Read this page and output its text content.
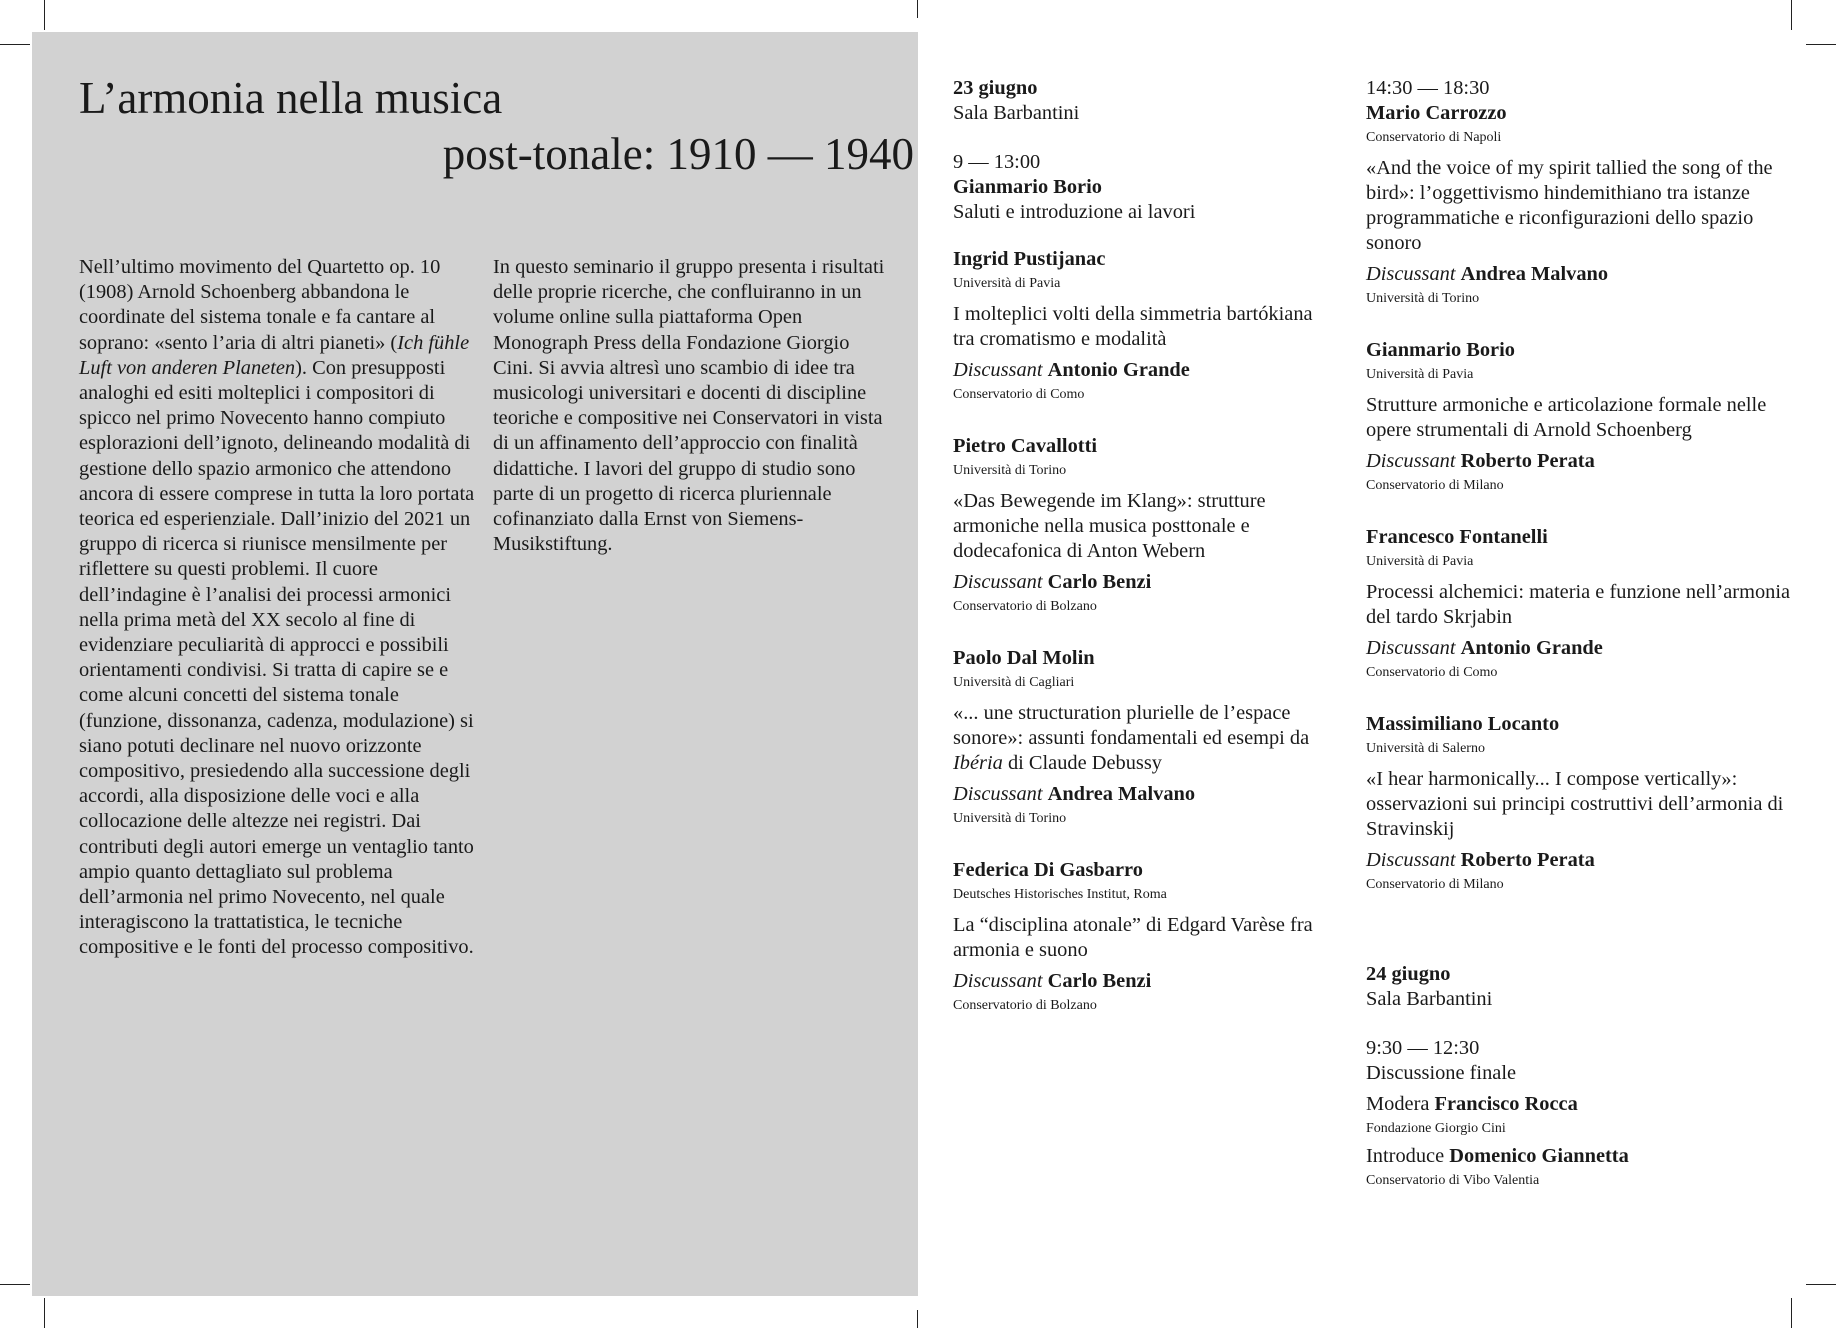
L’armonia nella musica
post-tonale: 1910 — 1940

Nell’ultimo movimento del Quartetto op. 10 (1908) Arnold Schoenberg abbandona le coordinate del sistema tonale e fa cantare al soprano: «sento l’aria di altri pianeti» (Ich fühle Luft von anderen Planeten). Con presupposti analoghi ed esiti molteplici i compositori di spicco nel primo Novecento hanno compiuto esplorazioni dell’ignoto, delineando modalità di gestione dello spazio armonico che attendono ancora di essere comprese in tutta la loro portata teorica ed esperienziale. Dall’inizio del 2021 un gruppo di ricerca si riunisce mensilmente per riflettere su questi problemi. Il cuore dell’indagine è l’analisi dei processi armonici nella prima metà del XX secolo al fine di evidenziare peculiarità di approcci e possibili orientamenti condivisi. Si tratta di capire se e come alcuni concetti del sistema tonale (funzione, dissonanza, cadenza, modulazione) si siano potuti declinare nel nuovo orizzonte compositivo, presiedendo alla successione degli accordi, alla disposizione delle voci e alla collocazione delle altezze nei registri. Dai contributi degli autori emerge un ventaglio tanto ampio quanto dettagliato sul problema dell’armonia nel primo Novecento, nel quale interagiscono la trattatistica, le tecniche compositive e le fonti del processo compositivo.

In questo seminario il gruppo presenta i risultati delle proprie ricerche, che confluiranno in un volume online sulla piattaforma Open Monograph Press della Fondazione Giorgio Cini. Si avvia altresì uno scambio di idee tra musicologi universitari e docenti di discipline teoriche e compositive nei Conservatori in vista di un affinamento dell’approccio con finalità didattiche. I lavori del gruppo di studio sono parte di un progetto di ricerca pluriennale cofinanziato dalla Ernst von Siemens-Musikstiftung.

23 giugno
Sala Barbantini
9 — 13:00
Gianmario Borio
Saluti e introduzione ai lavori
Ingrid Pustijanac
Università di Pavia
I molteplici volti della simmetria bartókiana tra cromatismo e modalità
Discussant Antonio Grande
Conservatorio di Como
Pietro Cavallotti
Università di Torino
«Das Bewegende im Klang»: strutture armoniche nella musica posttonale e dodecafonica di Anton Webern
Discussant Carlo Benzi
Conservatorio di Bolzano
Paolo Dal Molin
Università di Cagliari
«... une structuration plurielle de l’espace sonore»: assunti fondamentali ed esempi da Ibéria di Claude Debussy
Discussant Andrea Malvano
Università di Torino
Federica Di Gasbarro
Deutsches Historisches Institut, Roma
La “disciplina atonale” di Edgard Varèse fra armonia e suono
Discussant Carlo Benzi
Conservatorio di Bolzano
14:30 — 18:30
Mario Carrozzo
Conservatorio di Napoli
«And the voice of my spirit tallied the song of the bird»: l’oggettivismo hindemithiano tra istanze programmatiche e riconfigurazioni dello spazio sonoro
Discussant Andrea Malvano
Università di Torino
Gianmario Borio
Università di Pavia
Strutture armoniche e articolazione formale nelle opere strumentali di Arnold Schoenberg
Discussant Roberto Perata
Conservatorio di Milano
Francesco Fontanelli
Università di Pavia
Processi alchemici: materia e funzione nell’armonia del tardo Skrjabin
Discussant Antonio Grande
Conservatorio di Como
Massimiliano Locanto
Università di Salerno
«I hear harmonically... I compose vertically»: osservazioni sui principi costruttivi dell’armonia di Stravinskij
Discussant Roberto Perata
Conservatorio di Milano
24 giugno
Sala Barbantini
9:30 — 12:30
Discussione finale
Modera Francisco Rocca
Fondazione Giorgio Cini
Introduce Domenico Giannetta
Conservatorio di Vibo Valentia
